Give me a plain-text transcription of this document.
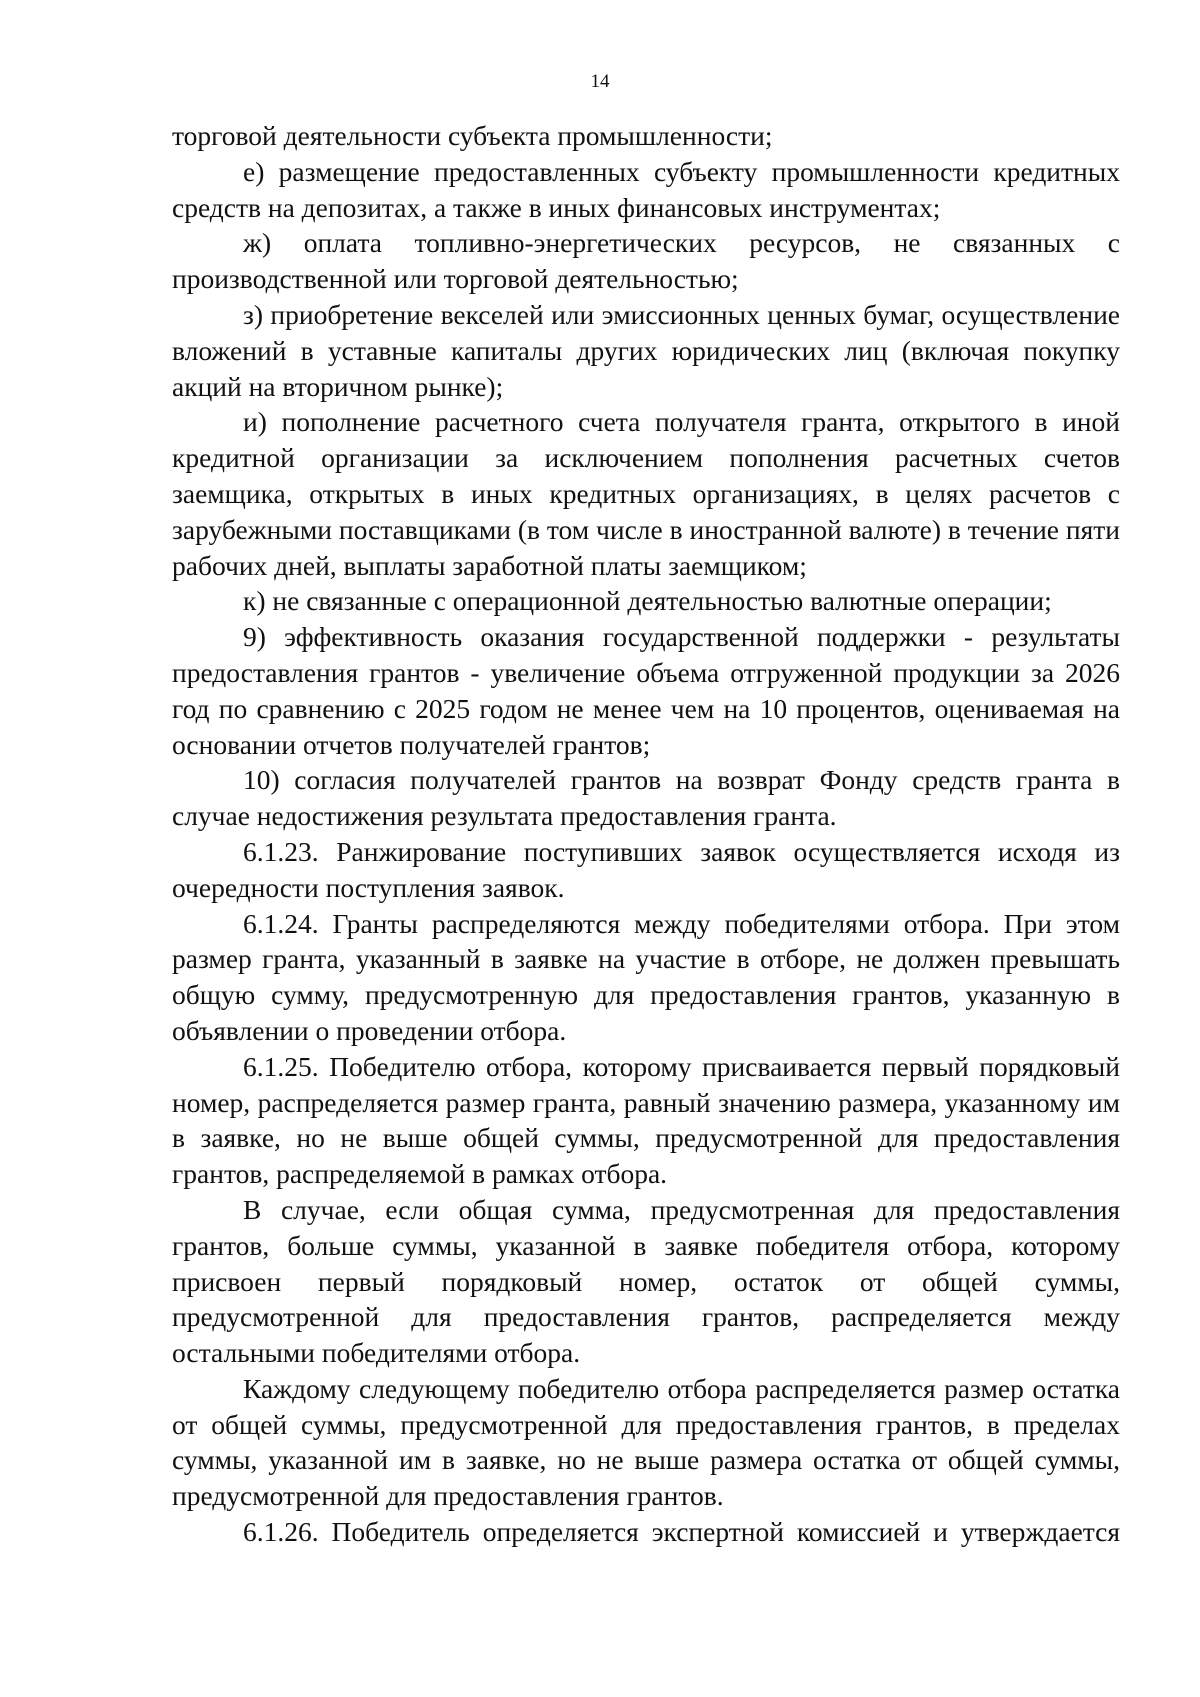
14

торговой деятельности субъекта промышленности;

е) размещение предоставленных субъекту промышленности кредитных средств на депозитах, а также в иных финансовых инструментах;

ж) оплата топливно-энергетических ресурсов, не связанных с производственной или торговой деятельностью;

з) приобретение векселей или эмиссионных ценных бумаг, осуществление вложений в уставные капиталы других юридических лиц (включая покупку акций на вторичном рынке);

и) пополнение расчетного счета получателя гранта, открытого в иной кредитной организации за исключением пополнения расчетных счетов заемщика, открытых в иных кредитных организациях, в целях расчетов с зарубежными поставщиками (в том числе в иностранной валюте) в течение пяти рабочих дней, выплаты заработной платы заемщиком;

к) не связанные с операционной деятельностью валютные операции;

9) эффективность оказания государственной поддержки - результаты предоставления грантов - увеличение объема отгруженной продукции за 2026 год по сравнению с 2025 годом не менее чем на 10 процентов, оцениваемая на основании отчетов получателей грантов;

10) согласия получателей грантов на возврат Фонду средств гранта в случае недостижения результата предоставления гранта.

6.1.23. Ранжирование поступивших заявок осуществляется исходя из очередности поступления заявок.

6.1.24. Гранты распределяются между победителями отбора. При этом размер гранта, указанный в заявке на участие в отборе, не должен превышать общую сумму, предусмотренную для предоставления грантов, указанную в объявлении о проведении отбора.

6.1.25. Победителю отбора, которому присваивается первый порядковый номер, распределяется размер гранта, равный значению размера, указанному им в заявке, но не выше общей суммы, предусмотренной для предоставления грантов, распределяемой в рамках отбора.

В случае, если общая сумма, предусмотренная для предоставления грантов, больше суммы, указанной в заявке победителя отбора, которому присвоен первый порядковый номер, остаток от общей суммы, предусмотренной для предоставления грантов, распределяется между остальными победителями отбора.

Каждому следующему победителю отбора распределяется размер остатка от общей суммы, предусмотренной для предоставления грантов, в пределах суммы, указанной им в заявке, но не выше размера остатка от общей суммы, предусмотренной для предоставления грантов.

6.1.26. Победитель определяется экспертной комиссией и утверждается
